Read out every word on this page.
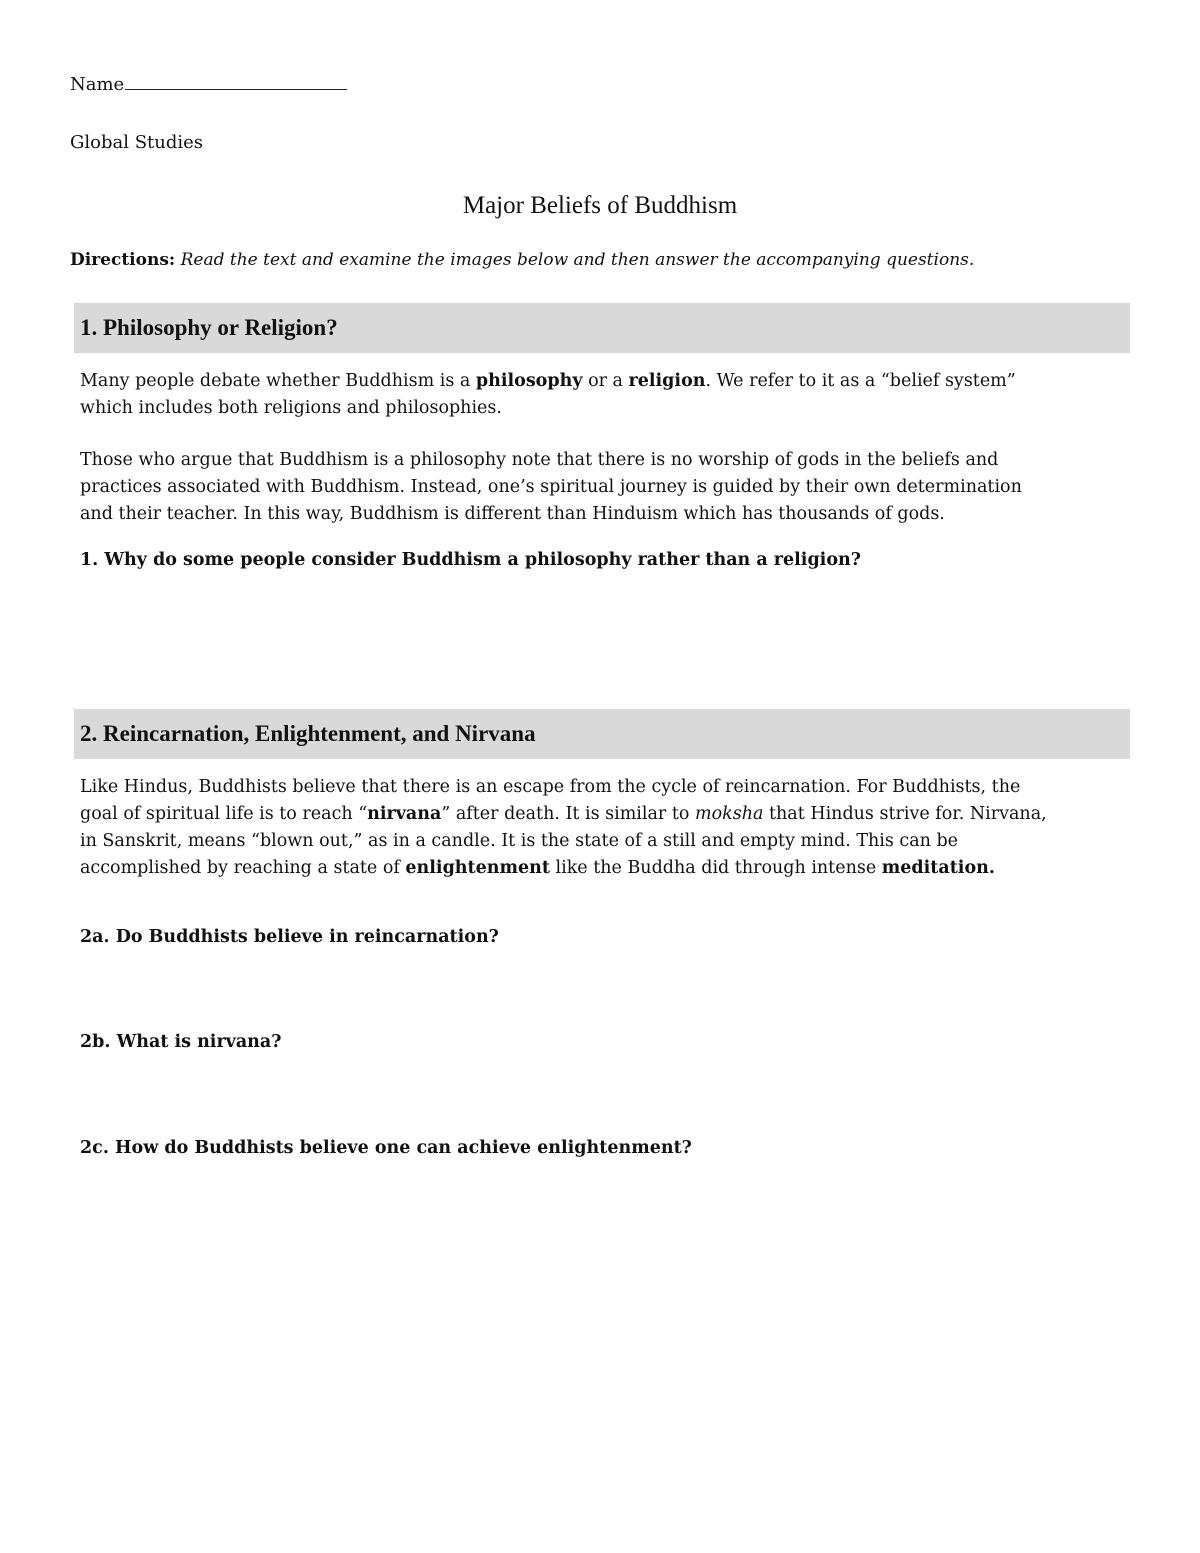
Name
Global Studies
Major Beliefs of Buddhism
Directions: Read the text and examine the images below and then answer the accompanying questions.
1. Philosophy or Religion?
Many people debate whether Buddhism is a philosophy or a religion. We refer to it as a “belief system”
which includes both religions and philosophies.
Those who argue that Buddhism is a philosophy note that there is no worship of gods in the beliefs and
practices associated with Buddhism. Instead, one’s spiritual journey is guided by their own determination
and their teacher. In this way, Buddhism is different than Hinduism which has thousands of gods.
1. Why do some people consider Buddhism a philosophy rather than a religion?
2. Reincarnation, Enlightenment, and Nirvana
Like Hindus, Buddhists believe that there is an escape from the cycle of reincarnation. For Buddhists, the
goal of spiritual life is to reach “nirvana” after death. It is similar to moksha that Hindus strive for. Nirvana,
in Sanskrit, means “blown out,” as in a candle. It is the state of a still and empty mind. This can be
accomplished by reaching a state of enlightenment like the Buddha did through intense meditation.
2a. Do Buddhists believe in reincarnation?
2b. What is nirvana?
2c. How do Buddhists believe one can achieve enlightenment?
